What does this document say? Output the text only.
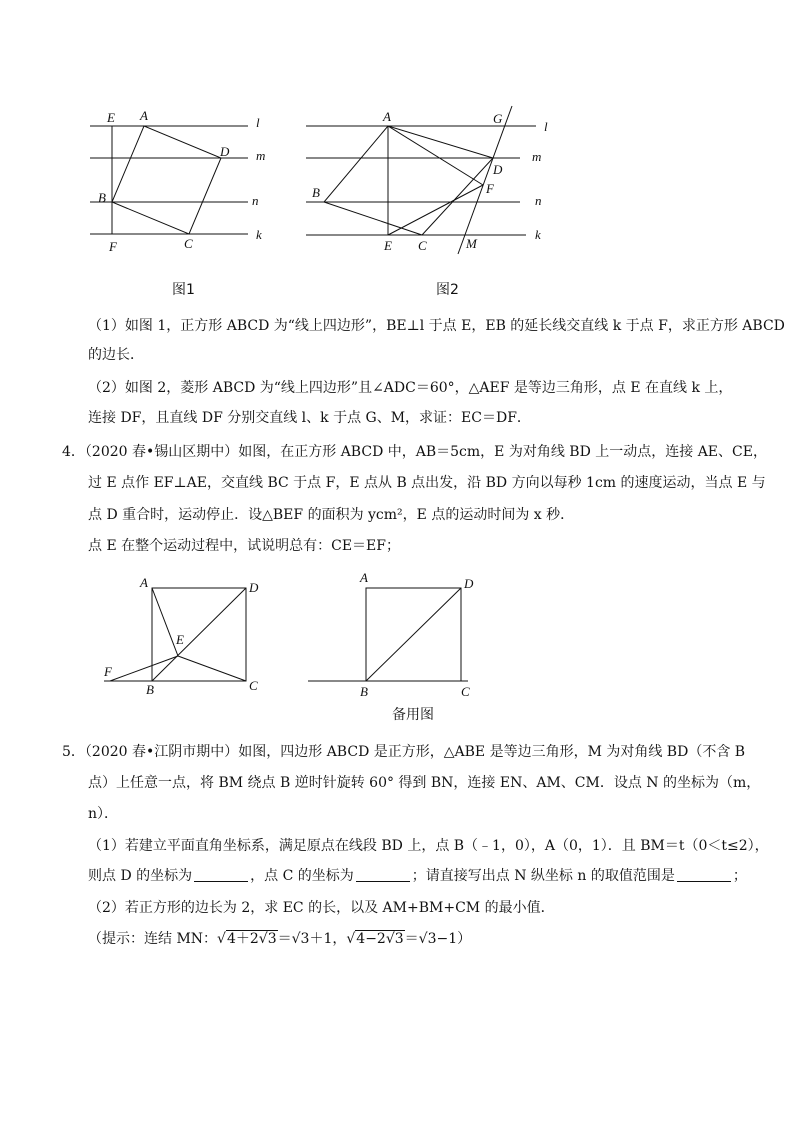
E A
D
B
F	C
l
m
n
k
图1
A	G
D
F
B
E C	M
l
m
n
k
图2
（1）如图 1，正方形 ABCD 为“线上四边形”，BE⊥l 于点 E，EB 的延长线交直线 k 于点 F，求正方形 ABCD
的边长．
（2）如图 2，菱形 ABCD 为“线上四边形”且∠ADC＝60°，△AEF 是等边三角形，点 E 在直线 k 上，
连接 DF，且直线 DF 分别交直线 l、k 于点 G、M，求证：EC＝DF．
4．（2020 春•锡山区期中）如图，在正方形 ABCD 中，AB＝5cm，E 为对角线 BD 上一动点，连接 AE、CE，
过 E 点作 EF⊥AE，交直线 BC 于点 F，E 点从 B 点出发，沿 BD 方向以每秒 1cm 的速度运动，当点 E 与
点 D 重合时，运动停止．设△BEF 的面积为 ycm²，E 点的运动时间为 x 秒．
点 E 在整个运动过程中，试说明总有：CE＝EF；
A	D
E
F
B	C
A	D
B	C
备用图
5．（2020 春•江阴市期中）如图，四边形 ABCD 是正方形，△ABE 是等边三角形，M 为对角线 BD（不含 B
点）上任意一点，将 BM 绕点 B 逆时针旋转 60° 得到 BN，连接 EN、AM、CM．设点 N 的坐标为（m，
n）．
（1）若建立平面直角坐标系，满足原点在线段 BD 上，点 B（﹣1，0），A（0，1）．且 BM＝t（0＜t≤2），
则点 D 的坐标为	，点 C 的坐标为	；请直接写出点 N 纵坐标 n 的取值范围是	；
（2）若正方形的边长为 2，求 EC 的长，以及 AM+BM+CM 的最小值．
（提示：连结 MN：√4＋2√3＝√3＋1，√4−2√3＝√3−1）
